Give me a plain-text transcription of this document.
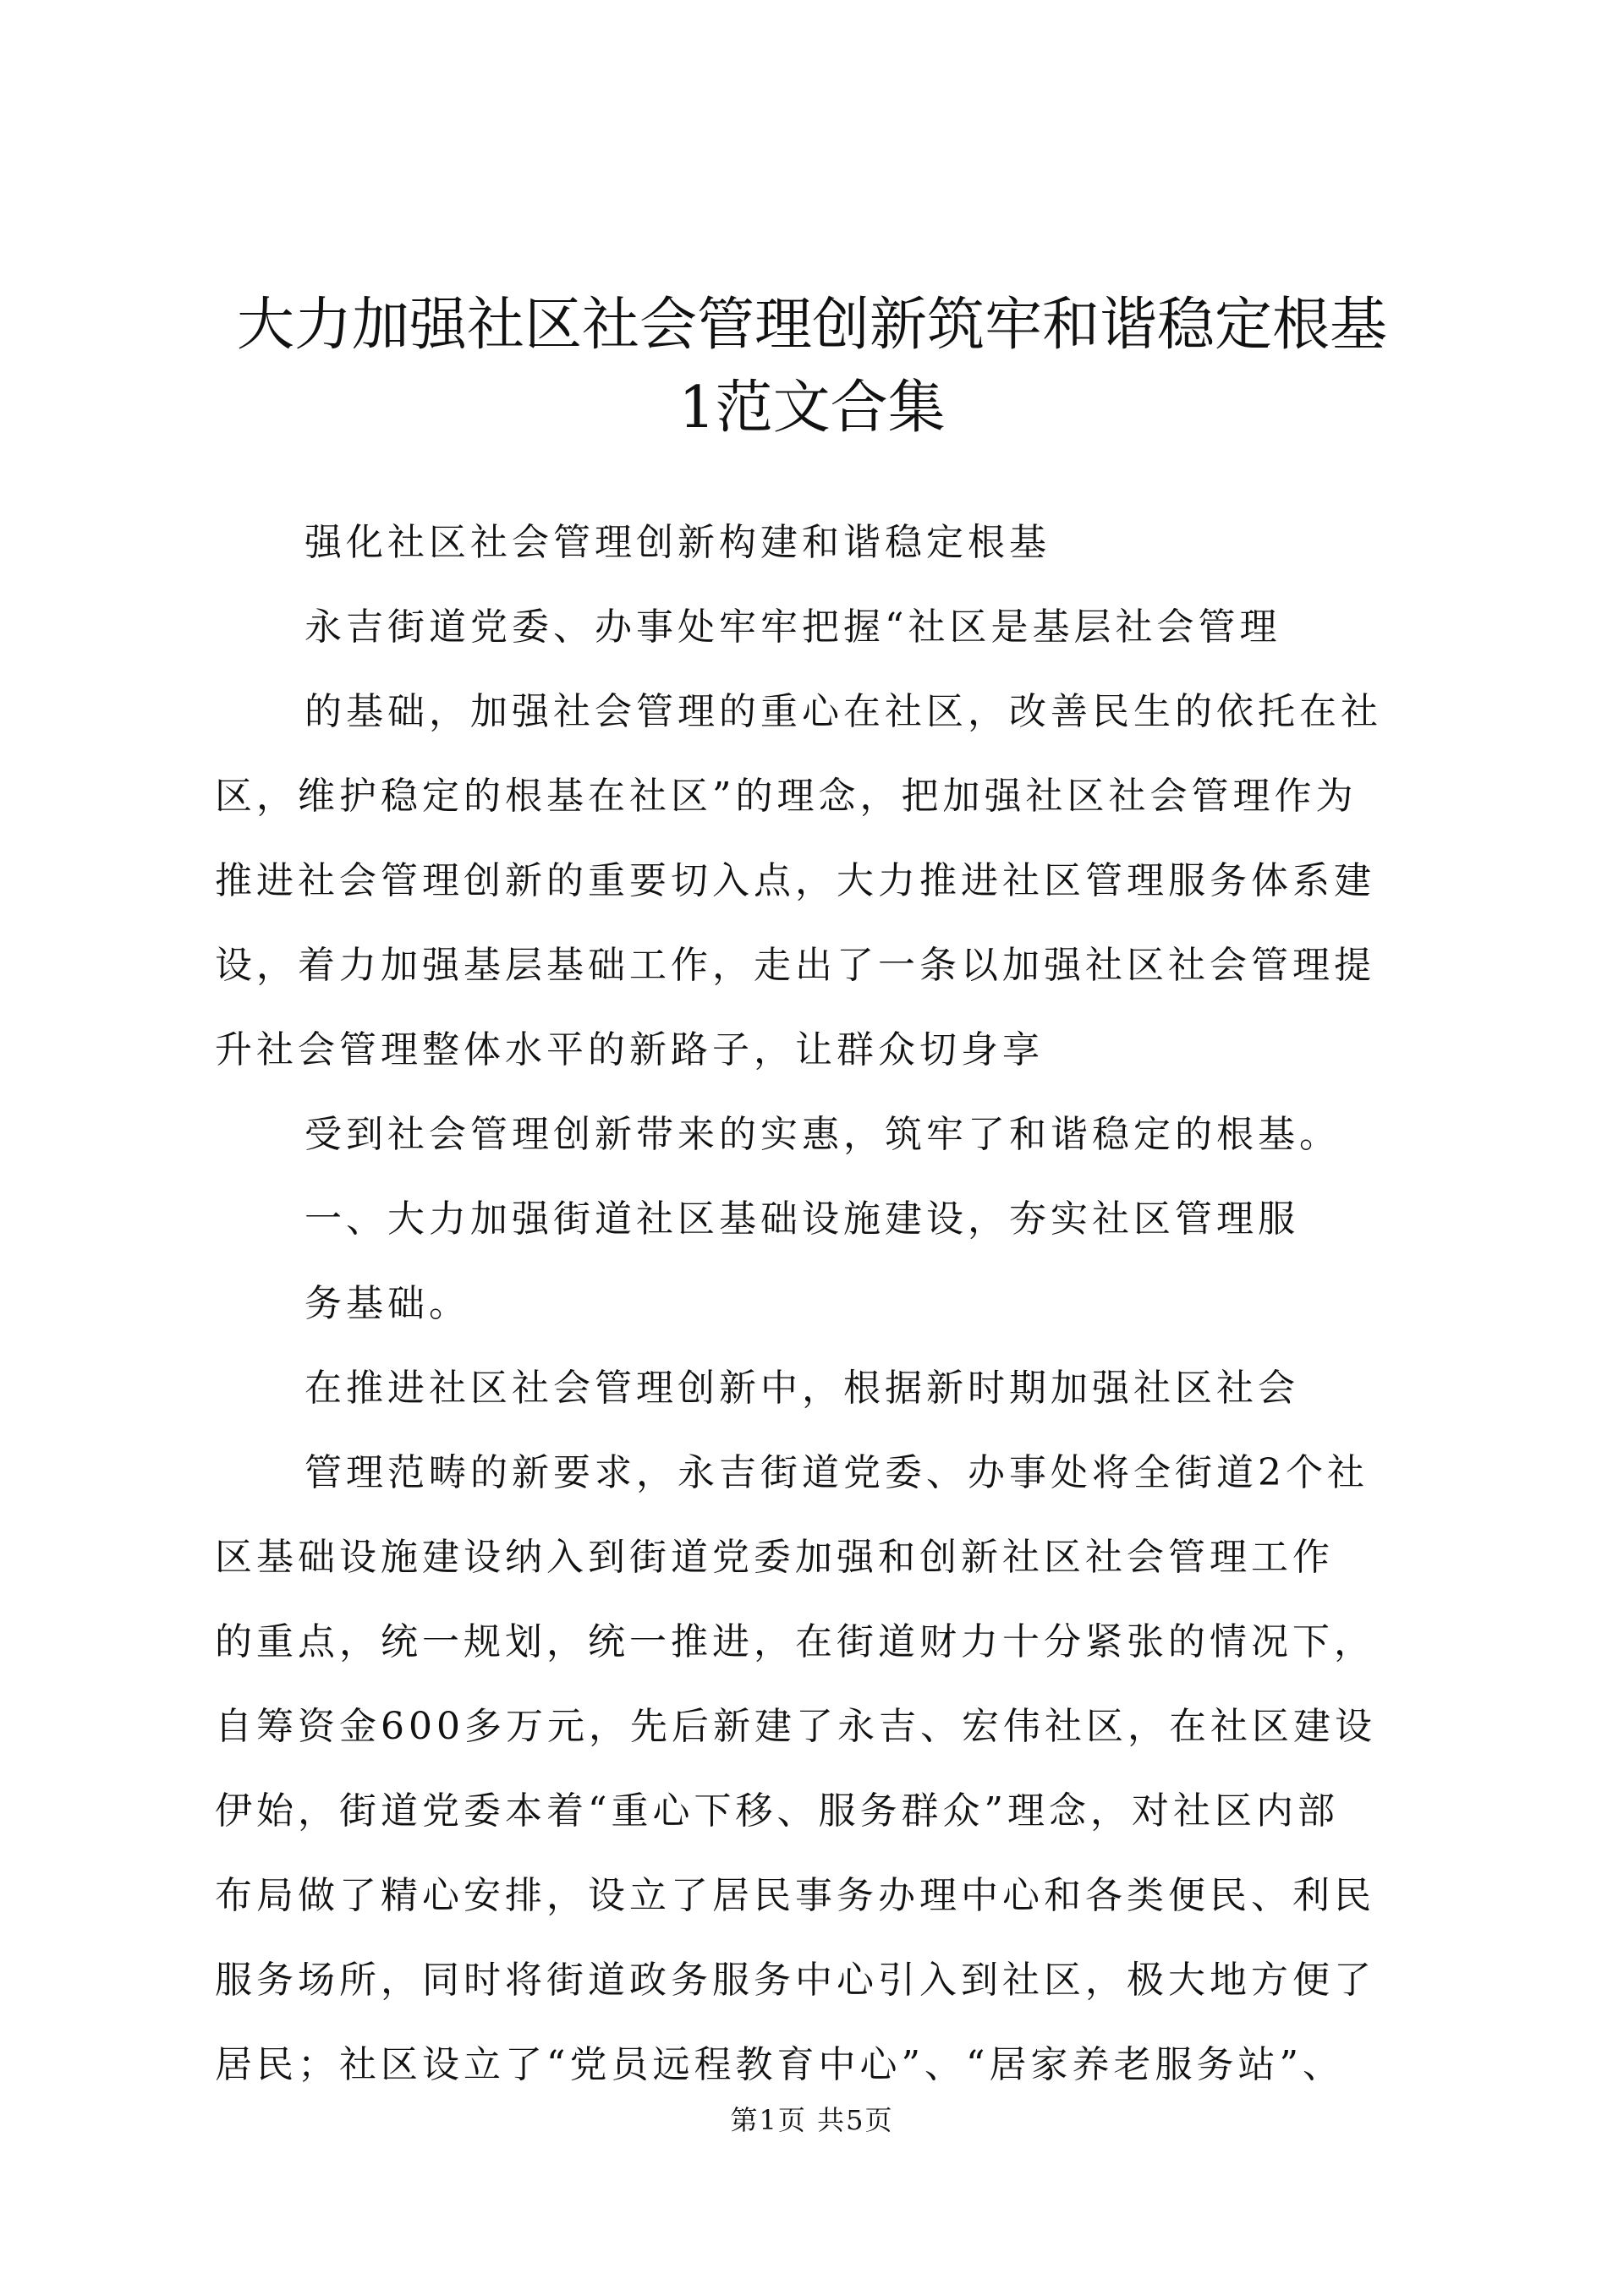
大力加强社区社会管理创新筑牢和谐稳定根基
1范文合集

强化社区社会管理创新构建和谐稳定根基

永吉街道党委、办事处牢牢把握“社区是基层社会管理

的基础，加强社会管理的重心在社区，改善民生的依托在社

区，维护稳定的根基在社区”的理念，把加强社区社会管理作为

推进社会管理创新的重要切入点，大力推进社区管理服务体系建

设，着力加强基层基础工作，走出了一条以加强社区社会管理提

升社会管理整体水平的新路子，让群众切身享

受到社会管理创新带来的实惠，筑牢了和谐稳定的根基。

一、大力加强街道社区基础设施建设，夯实社区管理服

务基础。

在推进社区社会管理创新中，根据新时期加强社区社会

管理范畴的新要求，永吉街道党委、办事处将全街道2个社

区基础设施建设纳入到街道党委加强和创新社区社会管理工作

的重点，统一规划，统一推进，在街道财力十分紧张的情况下，

自筹资金600多万元，先后新建了永吉、宏伟社区，在社区建设

伊始，街道党委本着“重心下移、服务群众”理念，对社区内部

布局做了精心安排，设立了居民事务办理中心和各类便民、利民

服务场所，同时将街道政务服务中心引入到社区，极大地方便了

居民；社区设立了“党员远程教育中心”、“居家养老服务站”、

第1页 共5页
